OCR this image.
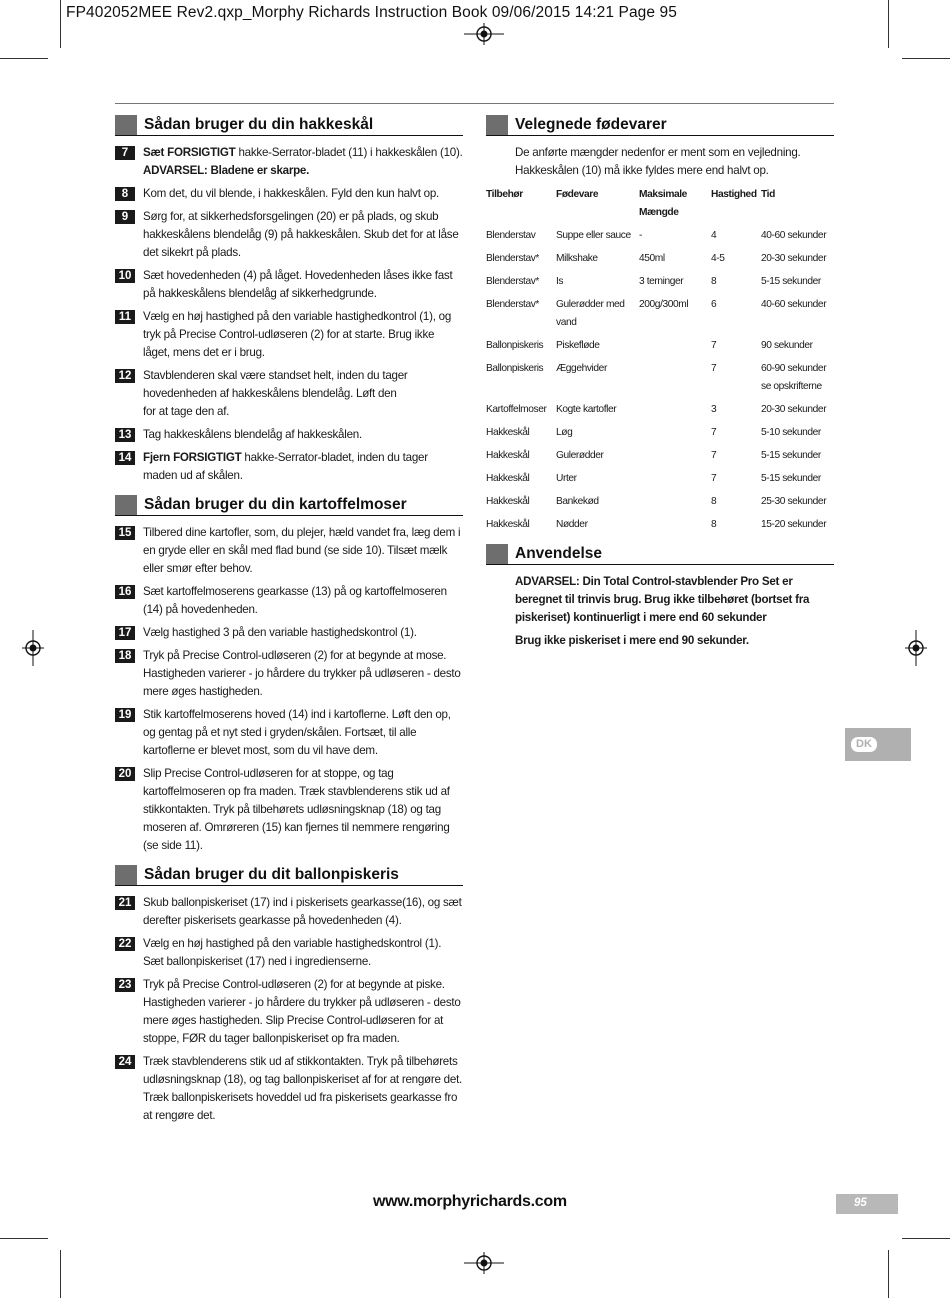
FP402052MEE Rev2.qxp_Morphy Richards Instruction Book 09/06/2015 14:21 Page 95
Sådan bruger du din hakkeskål
7	Sæt FORSIGTIGT hakke-Serrator-bladet (11) i hakkeskålen (10).
ADVARSEL: Bladene er skarpe.
8	Kom det, du vil blende, i hakkeskålen. Fyld den kun halvt op.
9	Sørg for, at sikkerhedsforsgelingen (20) er på plads, og skub hakkeskålens blendelåg (9) på hakkeskålen. Skub det for at låse det sikekrt på plads.
10	Sæt hovedenheden (4) på låget. Hovedenheden låses ikke fast på hakkeskålens blendelåg af sikkerhedgrunde.
11	Vælg en høj hastighed på den variable hastighedkontrol (1), og tryk på Precise Control-udløseren (2) for at starte. Brug ikke låget, mens det er i brug.
12	Stavblenderen skal være standset helt, inden du tager hovedenheden af hakkeskålens blendelåg. Løft den
for at tage den af.
13	Tag hakkeskålens blendelåg af hakkeskålen.
14	Fjern FORSIGTIGT hakke-Serrator-bladet, inden du tager maden ud af skålen.
Sådan bruger du din kartoffelmoser
15	Tilbered dine kartofler, som, du plejer, hæld vandet fra, læg dem i en gryde eller en skål med flad bund (se side 10). Tilsæt mælk eller smør efter behov.
16	Sæt kartoffelmoserens gearkasse (13) på og kartoffelmoseren (14) på hovedenheden.
17	Vælg hastighed 3 på den variable hastighedskontrol (1).
18	Tryk på Precise Control-udløseren (2) for at begynde at mose. Hastigheden varierer - jo hårdere du trykker på udløseren - desto mere øges hastigheden.
19	Stik kartoffelmoserens hoved (14) ind i kartoflerne. Løft den op, og gentag på et nyt sted i gryden/skålen. Fortsæt, til alle kartoflerne er blevet most, som du vil have dem.
20	Slip Precise Control-udløseren for at stoppe, og tag kartoffelmoseren op fra maden. Træk stavblenderens stik ud af stikkontakten. Tryk på tilbehørets udløsningsknap (18) og tag moseren af. Omrøreren (15) kan fjernes til nemmere rengøring (se side 11).
Sådan bruger du dit ballonpiskeris
21	Skub ballonpiskeriset (17) ind i piskerisets gearkasse(16), og sæt derefter piskerisets gearkasse på hovedenheden (4).
22	Vælg en høj hastighed på den variable hastighedskontrol (1). Sæt ballonpiskeriset (17) ned i ingredienserne.
23	Tryk på Precise Control-udløseren (2) for at begynde at piske. Hastigheden varierer - jo hårdere du trykker på udløseren - desto mere øges hastigheden. Slip Precise Control-udløseren for at stoppe, FØR du tager ballonpiskeriset op fra maden.
24	Træk stavblenderens stik ud af stikkontakten. Tryk på tilbehørets udløsningsknap (18), og tag ballonpiskeriset af for at rengøre det. Træk ballonpiskerisets hoveddel ud fra piskerisets gearkasse fro at rengøre det.
Velegnede fødevarer
De anførte mængder nedenfor er ment som en vejledning. Hakkeskålen (10) må ikke fyldes mere end halvt op.
Tilbehør	Fødevare	Maksimale Mængde	Hastighed	Tid
Blenderstav	Suppe eller sauce	-	4	40-60 sekunder
Blenderstav*	Milkshake	450ml	4-5	20-30 sekunder
Blenderstav*	Is	3 terninger	8	5-15 sekunder
Blenderstav*	Gulerødder med vand	200g/300ml	6	40-60 sekunder
Ballonpiskeris	Piskefløde		7	90 sekunder
Ballonpiskeris	Æggehvider		7	60-90 sekunder se opskrifterne
Kartoffelmoser	Kogte kartofler		3	20-30 sekunder
Hakkeskål	Løg		7	5-10 sekunder
Hakkeskål	Gulerødder		7	5-15 sekunder
Hakkeskål	Urter		7	5-15 sekunder
Hakkeskål	Bankekød		8	25-30 sekunder
Hakkeskål	Nødder		8	15-20 sekunder
Anvendelse
ADVARSEL: Din Total Control-stavblender Pro Set er beregnet til trinvis brug. Brug ikke tilbehøret (bortset fra piskeriset) kontinuerligt i mere end 60 sekunder
Brug ikke piskeriset i mere end 90 sekunder.
DK
www.morphyrichards.com	95
